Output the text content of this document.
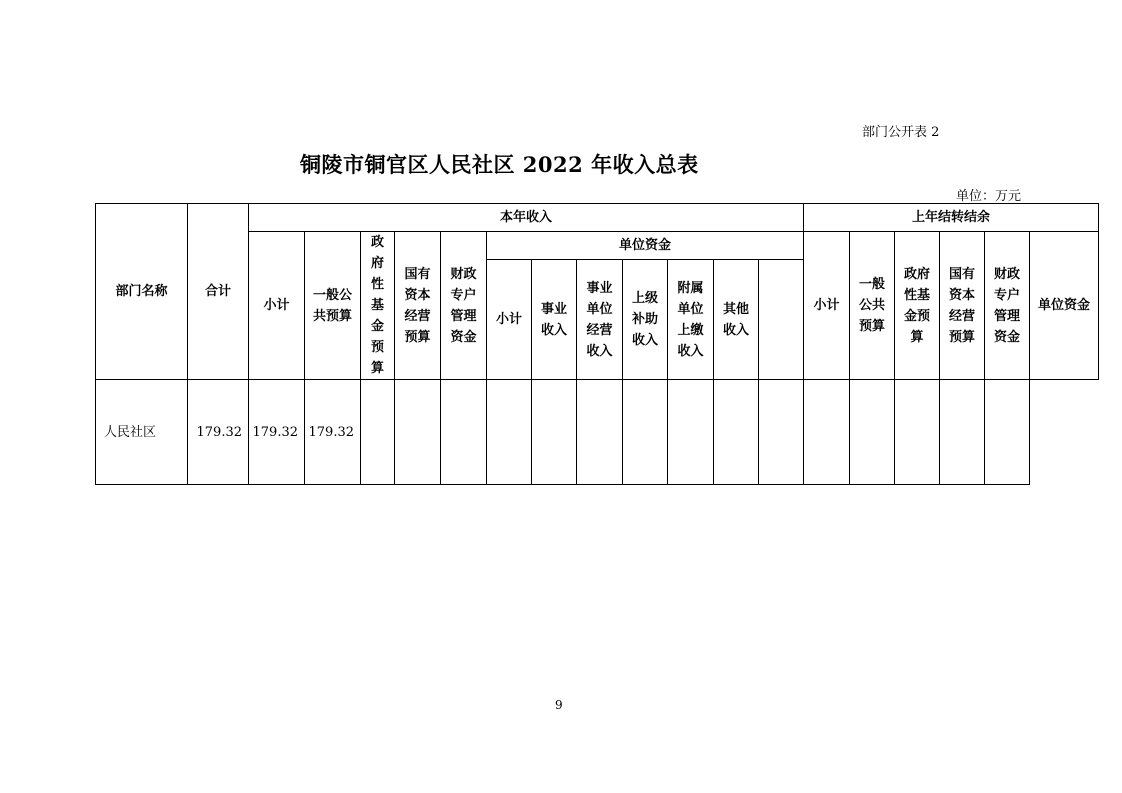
部门公开表 2
铜陵市铜官区人民社区 2022 年收入总表
单位：万元
部门名称	合计	本年收入												上年结转结余					
		小计	一般公共预算	政府性基金预算	国有资本经营预算	财政专户管理资金	单位资金							小计	一般公共预算	政府性基金预算	国有资本经营预算	财政专户管理资金	单位资金
							小计	事业收入	事业单位经营收入	上级补助收入	附属单位上缴收入	其他收入							
人民社区	179.32	179.32	179.32																
9
